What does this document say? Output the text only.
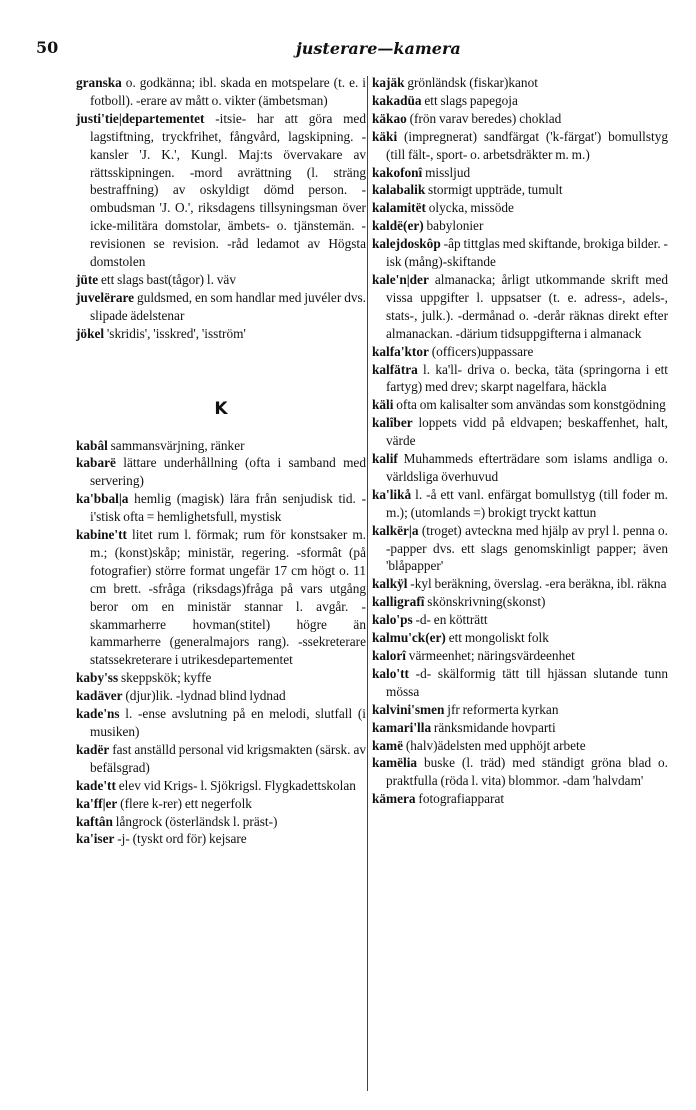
50	justerare—kamera

granska o. godkänna; ibl. skada en motspelare (t. e. i fotboll). -erare av mått o. vikter (ämbetsman)

justi'tie|departementet -itsie- har att göra med lagstiftning, tryckfrihet, fångvård, lagskipning. -kansler 'J. K.', Kungl. Maj:ts övervakare av rättsskipningen. -mord avrättning (l. sträng bestraffning) av oskyldigt dömd person. -ombudsman 'J. O.', riksdagens tillsyningsman över icke-militära domstolar, ämbets- o. tjänstemän. -revisionen se revision. -råd ledamot av Högsta domstolen

jüte ett slags bast(tågor) l. väv

juvelërare guldsmed, en som handlar med juvéler dvs. slipade ädelstenar

jökel 'skridis', 'isskred', 'isström'

K

kabâl sammansvärjning, ränker

kabarë lättare underhållning (ofta i samband med servering)

ka'bbal|a hemlig (magisk) lära från senjudisk tid. -i'stisk ofta = hemlighetsfull, mystisk

kabine'tt litet rum l. förmak; rum för konstsaker m. m.; (konst)skåp; ministär, regering. -sformât (på fotografier) större format ungefär 17 cm högt o. 11 cm brett. -sfråga (riksdags)fråga på vars utgång beror om en ministär stannar l. avgår. -skammarherre hovman(stitel) högre än kammarherre (generalmajors rang). -ssekreterare statssekreterare i utrikesdepartementet

kaby'ss skeppskök; kyffe

kadäver (djur)lik. -lydnad blind lydnad

kade'ns l. -ense avslutning på en melodi, slutfall (i musiken)

kadër fast anställd personal vid krigsmakten (särsk. av befälsgrad)

kade'tt elev vid Krigs- l. Sjökrigsl. Flygkadettskolan

ka'ff|er (flere k-rer) ett negerfolk

kaftân långrock (österländsk l. präst-)

ka'iser -j- (tyskt ord för) kejsare

kajäk grönländsk (fiskar)kanot

kakadüa ett slags papegoja

käkao (frön varav beredes) choklad

käki (impregnerat) sandfärgat ('k-färgat') bomullstyg (till fält-, sport- o. arbetsdräkter m. m.)

kakofonî missljud

kalabalik stormigt uppträde, tumult

kalamitët olycka, missöde

kaldë(er) babylonier

kalejdoskôp -âp tittglas med skiftande, brokiga bilder. -isk (mång)-skiftande

kale'n|der almanacka; årligt utkommande skrift med vissa uppgifter l. uppsatser (t. e. adress-, adels-, stats-, julk.). -dermånad o. -derår räknas direkt efter almanackan. -därium tidsuppgifterna i almanack

kalfa'ktor (officers)uppassare

kalfätra l. ka'll- driva o. becka, täta (springorna i ett fartyg) med drev; skarpt nagelfara, häckla

käli ofta om kalisalter som användas som konstgödning

kalîber loppets vidd på eldvapen; beskaffenhet, halt, värde

kalif Muhammeds efterträdare som islams andliga o. världsliga överhuvud

ka'likå l. -å ett vanl. enfärgat bomullstyg (till foder m. m.); (utomlands =) brokigt tryckt kattun

kalkër|a (troget) avteckna med hjälp av pryl l. penna o. -papper dvs. ett slags genomskinligt papper; även 'blåpapper'

kalkÿl -kyl beräkning, överslag. -era beräkna, ibl. räkna

kalligrafî skönskrivning(skonst)

kalo'ps -d- en kötträtt

kalmu'ck(er) ett mongoliskt folk

kalorî värmeenhet; näringsvärdeenhet

kalo'tt -d- skälformig tätt till hjässan slutande tunn mössa

kalvini'smen jfr reformerta kyrkan

kamari'lla ränksmidande hovparti

kamë (halv)ädelsten med upphöjt arbete

kamëlia buske (l. träd) med ständigt gröna blad o. praktfulla (röda l. vita) blommor. -dam 'halvdam'

kämera fotografiapparat
